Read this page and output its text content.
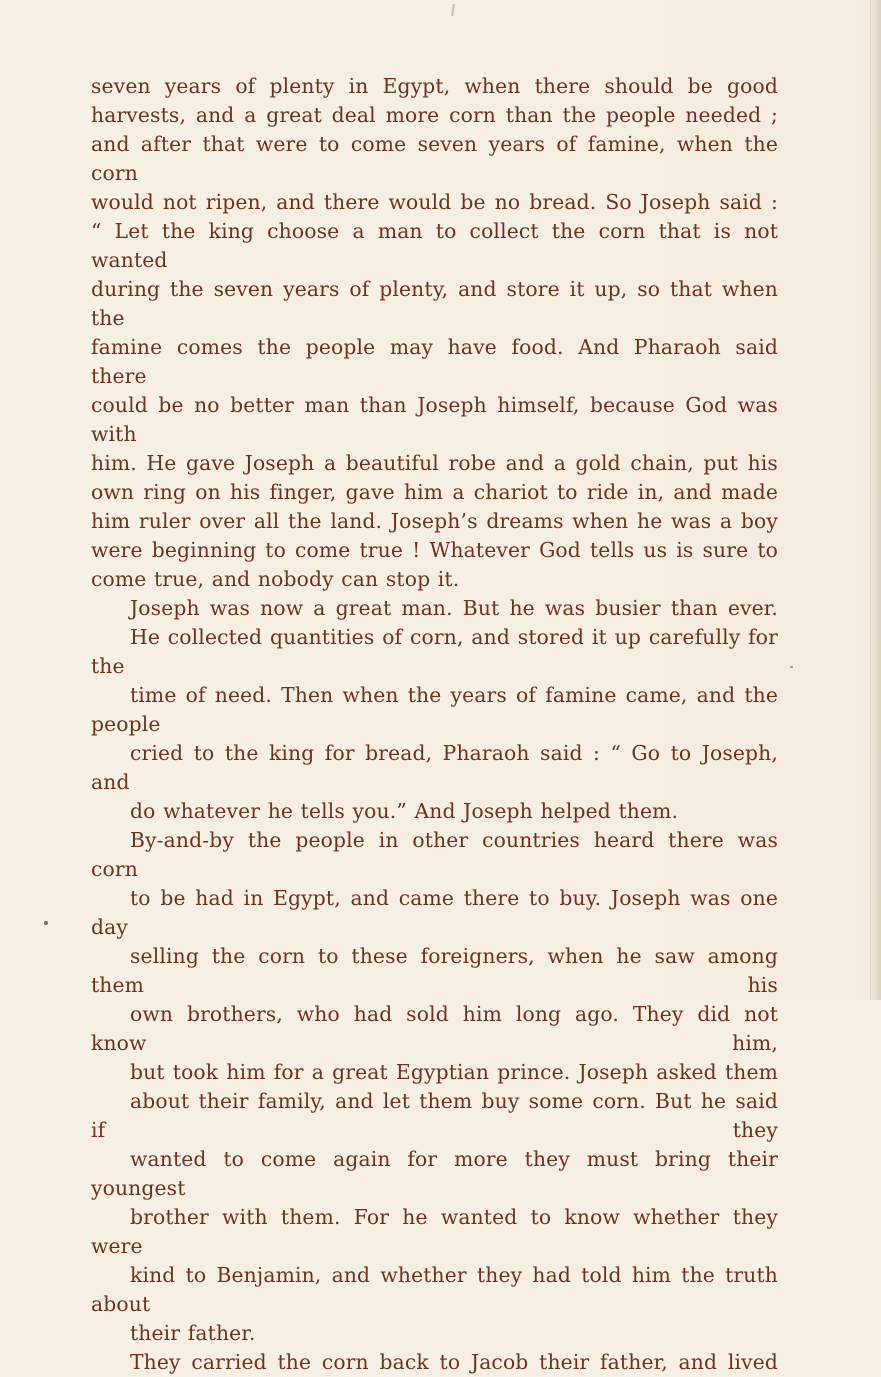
seven years of plenty in Egypt, when there should be good
harvests, and a great deal more corn than the people needed ;
and after that were to come seven years of famine, when the corn
would not ripen, and there would be no bread. So Joseph said :
“ Let the king choose a man to collect the corn that is not wanted
during the seven years of plenty, and store it up, so that when the
famine comes the people may have food. And Pharaoh said there
could be no better man than Joseph himself, because God was with
him. He gave Joseph a beautiful robe and a gold chain, put his
own ring on his finger, gave him a chariot to ride in, and made
him ruler over all the land. Joseph’s dreams when he was a boy
were beginning to come true ! Whatever God tells us is sure to
come true, and nobody can stop it.

Joseph was now a great man. But he was busier than ever.
He collected quantities of corn, and stored it up carefully for the
time of need. Then when the years of famine came, and the people
cried to the king for bread, Pharaoh said : “ Go to Joseph, and
do whatever he tells you.” And Joseph helped them.

By-and-by the people in other countries heard there was corn
to be had in Egypt, and came there to buy. Joseph was one day
selling the corn to these foreigners, when he saw among them his
own brothers, who had sold him long ago. They did not know him,
but took him for a great Egyptian prince. Joseph asked them
about their family, and let them buy some corn. But he said if they
wanted to come again for more they must bring their youngest
brother with them. For he wanted to know whether they were
kind to Benjamin, and whether they had told him the truth about
their father.

They carried the corn back to Jacob their father, and lived
